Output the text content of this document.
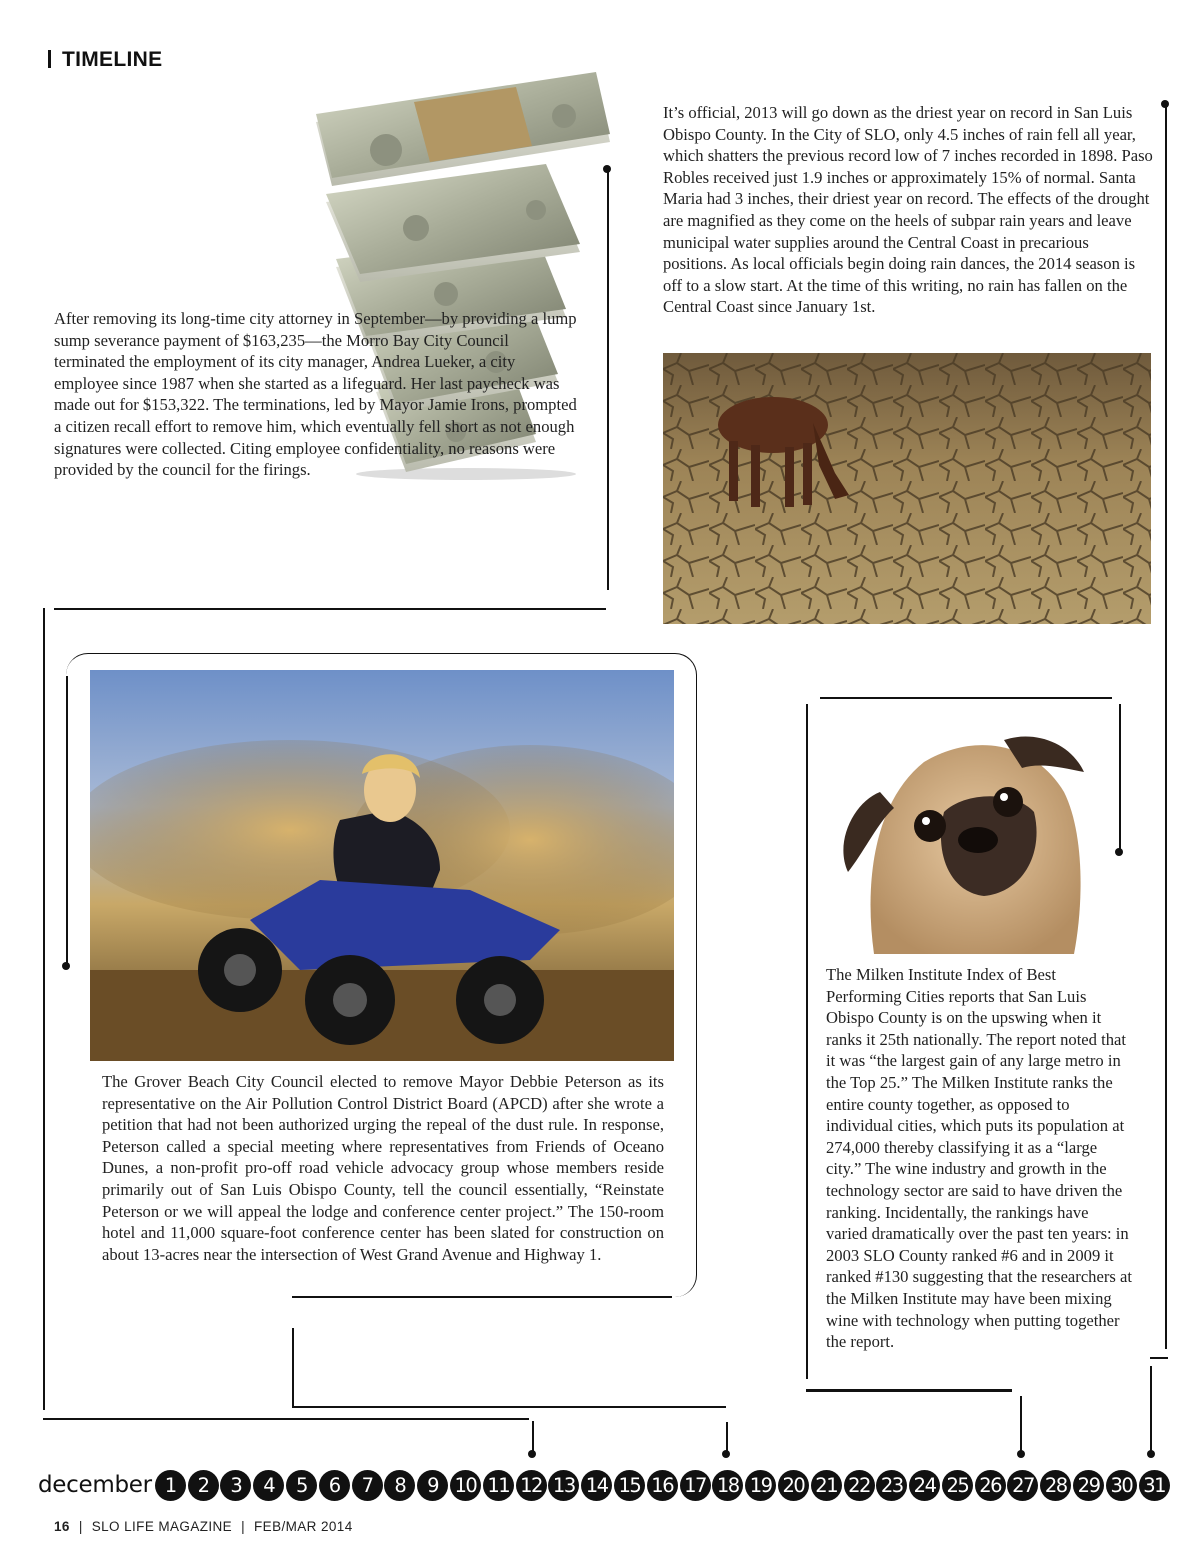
TIMELINE

After removing its long-time city attorney in September—by providing a lump sump severance payment of $163,235—the Morro Bay City Council terminated the employment of its city manager, Andrea Lueker, a city employee since 1987 when she started as a lifeguard. Her last paycheck was made out for $153,322. The terminations, led by Mayor Jamie Irons, prompted a citizen recall effort to remove him, which eventually fell short as not enough signatures were collected. Citing employee confidentiality, no reasons were provided by the council for the firings.

It’s official, 2013 will go down as the driest year on record in San Luis Obispo County. In the City of SLO, only 4.5 inches of rain fell all year, which shatters the previous record low of 7 inches recorded in 1898. Paso Robles received just 1.9 inches or approximately 15% of normal. Santa Maria had 3 inches, their driest year on record. The effects of the drought are magnified as they come on the heels of subpar rain years and leave municipal water supplies around the Central Coast in precarious positions. As local officials begin doing rain dances, the 2014 season is off to a slow start. At the time of this writing, no rain has fallen on the Central Coast since January 1st.

The Grover Beach City Council elected to remove Mayor Debbie Peterson as its representative on the Air Pollution Control District Board (APCD) after she wrote a petition that had not been authorized urging the repeal of the dust rule. In response, Peterson called a special meeting where representatives from Friends of Oceano Dunes, a non-profit pro-off road vehicle advocacy group whose members reside primarily out of San Luis Obispo County, tell the council essentially, “Reinstate Peterson or we will appeal the lodge and conference center project.” The 150-room hotel and 11,000 square-foot conference center has been slated for construction on about 13-acres near the intersection of West Grand Avenue and Highway 1.

The Milken Institute Index of Best Performing Cities reports that San Luis Obispo County is on the upswing when it ranks it 25th nationally. The report noted that it was “the largest gain of any large metro in the Top 25.” The Milken Institute ranks the entire county together, as opposed to individual cities, which puts its population at 274,000 thereby classifying it as a “large city.” The wine industry and growth in the technology sector are said to have driven the ranking. Incidentally, the rankings have varied dramatically over the past ten years: in 2003 SLO County ranked #6 and in 2009 it ranked #130 suggesting that the researchers at the Milken Institute may have been mixing wine with technology when putting together the report.

december 1	2	3	4	5	6	7	8	9 10 11 12 13 14 15 16 17 18 19 20 21 22 23 24 25 26 27 28 29 30 31
16 | SLO LIFE MAGAZINE | FEB/MAR 2014
